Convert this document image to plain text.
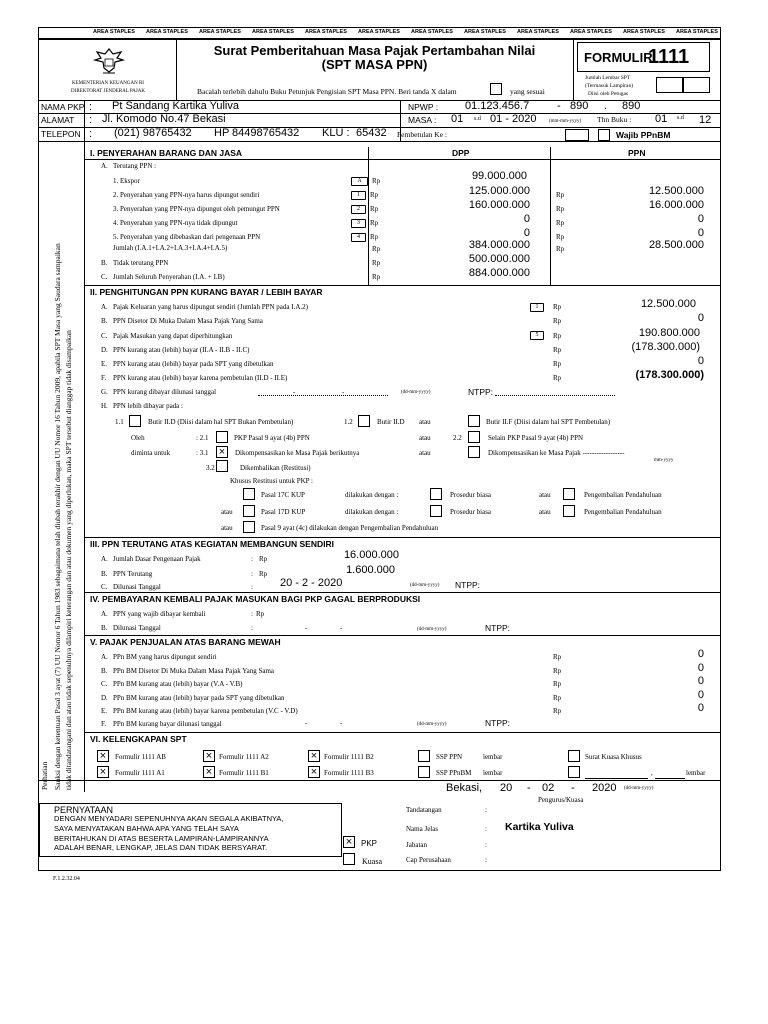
AREA STAPLES AREA STAPLES AREA STAPLES AREA STAPLES AREA STAPLES AREA STAPLES AREA STAPLES AREA STAPLES AREA STAPLES AREA STAPLES AREA STAPLES AREA STAPLES
KEMENTERIAN KEUANGAN RI
DIREKTORAT JENDERAL PAJAK
Surat Pemberitahuan Masa Pajak Pertambahan Nilai
(SPT MASA PPN)
Bacalah terlebih dahulu Buku Petunjuk Pengisian SPT Masa PPN. Beri tanda X dalam	yang sesuai
FORMULIR
1111
Jumlah Lembar SPT
(Termasuk Lampiran)
Diisi oleh Petugas
NAMA PKP
ALAMAT
TELEPON
:
:
:
Pt Sandang Kartika Yuliva
Jl. Komodo No.47 Bekasi
(021) 98765432 HP 84498765432 KLU : 65432
NPWP : 01.123.456.7	- 890 . 890
MASA : 01 s.d 01 - 2020	(mm-mm-yyyy) Thn Buku : 01 s.d 12
Pembetulan Ke :	Wajib PPnBM
Perhatian Sanksi dengan ketentuan Pasal 3 ayat (7) UU Nomor 6 Tahun 1983 sebagaimana telah diubah terakhir dengan UU Nomor 16 Tahun 2009, apabila SPT Masa yang Saudara sampaikan tidak ditandatangani dan atau tidak sepenuhnya dilampiri keterangan dan atau dokumen yang diperlukan, maka SPT tersebut dianggap tidak disampaikan
I. PENYERAHAN BARANG DAN JASA	DPP	PPN
A. Terutang PPN :
1. Ekspor	A	Rp	99.000.000
2. Penyerahan yang PPN-nya harus dipungut sendiri	1	Rp	125.000.000	Rp	12.500.000
3. Penyerahan yang PPN-nya dipungut oleh pemungut PPN	2	Rp	160.000.000	Rp	16.000.000
4. Penyerahan yang PPN-nya tidak dipungut	3	Rp	0	Rp	0
5. Penyerahan yang dibebaskan dari pengenaan PPN	4	Rp	0	Rp	0
Jumlah (I.A.1+I.A.2+I.A.3+I.A.4+I.A.5)	Rp	384.000.000	Rp	28.500.000
B. Tidak terutang PPN	Rp	500.000.000
C. Jumlah Seluruh Penyerahan (I.A. + I.B)	Rp	884.000.000
II. PENGHITUNGAN PPN KURANG BAYAR / LEBIH BAYAR
A. Pajak Keluaran yang harus dipungut sendiri (Jumlah PPN pada I.A.2)	1	Rp	12.500.000
B. PPN Disetor Di Muka Dalam Masa Pajak Yang Sama	Rp	0
C. Pajak Masukan yang dapat diperhitungkan	5	Rp	190.800.000
D. PPN kurang atau (lebih) bayar (II.A - II.B - II.C)	Rp	(178.300.000)
E. PPN kurang atau (lebih) bayar pada SPT yang dibetulkan	Rp	0
F. PPN kurang atau (lebih) bayar karena pembetulan (II.D - II.E)	Rp	(178.300.000)
G. PPN kurang dibayar dilunasi tanggal	-	-	(dd-mm-yyyy)	NTPP:
H. PPN lebih dibayar pada :
1.1	Butir II.D (Diisi dalam hal SPT Bukan Pembetulan)	1.2	Butir II.D atau	Butir II.F (Diisi dalam hal SPT Pembetulan)
Oleh	: 2.1	PKP Pasal 9 ayat (4b) PPN	atau	2.2	Selain PKP Pasal 9 ayat (4b) PPN
diminta untuk	: 3.1 ×	Dikompensasikan ke Masa Pajak berikutnya	atau	Dikompensasikan ke Masa Pajak ------------------
mm-yyyy
3.2	Dikembalikan (Restitusi)
Khusus Restitusi untuk PKP :
Pasal 17C KUP	dilakukan dengan :	Prosedur biasa	atau	Pengembalian Pendahuluan
atau	Pasal 17D KUP	dilakukan dengan :	Prosedur biasa	atau	Pengembalian Pendahuluan
atau	Pasal 9 ayat (4c) dilakukan dengan Pengembalian Pendahuluan
III. PPN TERUTANG ATAS KEGIATAN MEMBANGUN SENDIRI
A. Jumlah Dasar Pengenaan Pajak	: Rp	16.000.000
B. PPN Terutang	: Rp	1.600.000
C. Dilunasi Tanggal	: 20 - 2 - 2020	(dd-mm-yyyy) NTPP:
IV. PEMBAYARAN KEMBALI PAJAK MASUKAN BAGI PKP GAGAL BERPRODUKSI
A. PPN yang wajib dibayar kembali	: Rp
B. Dilunasi Tanggal	:	-	-	(dd-mm-yyyy)	NTPP:
V. PAJAK PENJUALAN ATAS BARANG MEWAH
A. PPn BM yang harus dipungut sendiri	Rp	0
B. PPn BM Disetor Di Muka Dalam Masa Pajak Yang Sama	Rp	0
C. PPn BM kurang atau (lebih) bayar (V.A - V.B)	Rp	0
D. PPn BM kurang atau (lebih) bayar pada SPT yang dibetulkan	Rp	0
E. PPn BM kurang atau (lebih) bayar karena pembetulan (V.C - V.D)	Rp	0
F. PPn BM kurang bayar dilunasi tanggal	-	-	(dd-mm-yyyy)	NTPP:
VI. KELENGKAPAN SPT
×	Formulir 1111 AB
×	Formulir 1111 A1
× Formulir 1111 A2
× Formulir 1111 B1
× Formulir 1111 B2
× Formulir 1111 B3
SSP PPN	lembar
SSP PPnBM lembar
Surat Kuasa Khusus
,	lembar
Bekasi, 20 - 02 - 2020 (dd-mm-yyyy)
Pengurus/Kuasa
PERNYATAAN
DENGAN MENYADARI SEPENUHNYA AKAN SEGALA AKIBATNYA,
SAYA MENYATAKAN BAHWA APA YANG TELAH SAYA
BERITAHUKAN DI ATAS BESERTA LAMPIRAN-LAMPIRANNYA
ADALAH BENAR, LENGKAP, JELAS DAN TIDAK BERSYARAT.	×	PKP
Kuasa
Tandatangan	:
Nama Jelas	: Kartika Yuliva
Jabatan	:
Cap Perusahaan	:
F.1.2.32.04
